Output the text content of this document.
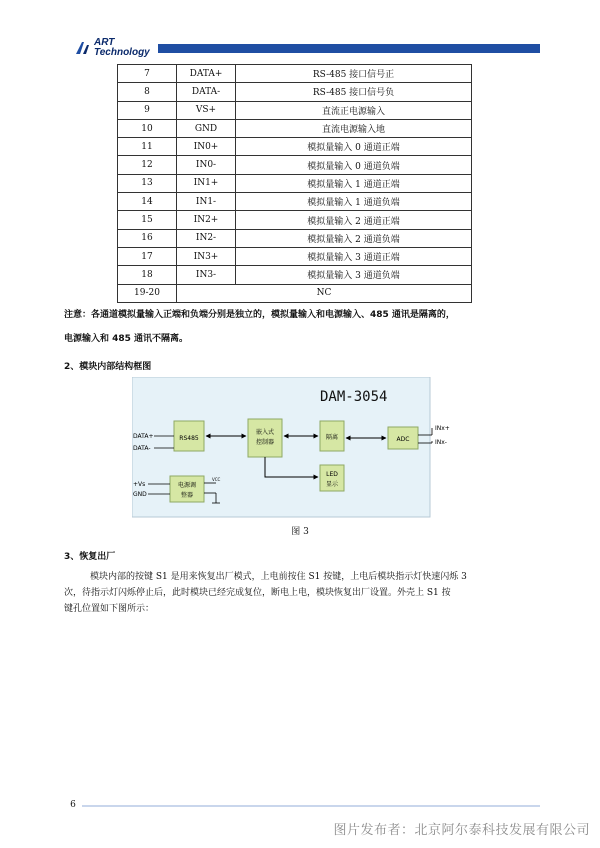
ART
Technology
7	DATA+	RS-485 接口信号正
8	DATA-	RS-485 接口信号负
9	VS+	直流正电源输入
10	GND	直流电源输入地
11	IN0+	模拟量输入 0 通道正端
12	IN0-	模拟量输入 0 通道负端
13	IN1+	模拟量输入 1 通道正端
14	IN1-	模拟量输入 1 通道负端
15	IN2+	模拟量输入 2 通道正端
16	IN2-	模拟量输入 2 通道负端
17	IN3+	模拟量输入 3 通道正端
18	IN3-	模拟量输入 3 通道负端
19-20	NC	
注意：各通道模拟量输入正端和负端分别是独立的，模拟量输入和电源输入、485 通讯是隔离的，
电源输入和 485 通讯不隔离。
2、模块内部结构框图
DAM-3054
RS485
嵌入式
控制器
隔离	ADC
LED
显示
电源调
整器
DATA+
DATA-
+Vs
GND
VCC
INx+
INx-
图 3
3、恢复出厂
模块内部的按键 S1 是用来恢复出厂模式，上电前按住 S1 按键，上电后模块指示灯快速闪烁 3
次，待指示灯闪烁停止后，此时模块已经完成复位，断电上电，模块恢复出厂设置。外壳上 S1 按
键孔位置如下图所示：
6
图片发布者：北京阿尔泰科技发展有限公司
